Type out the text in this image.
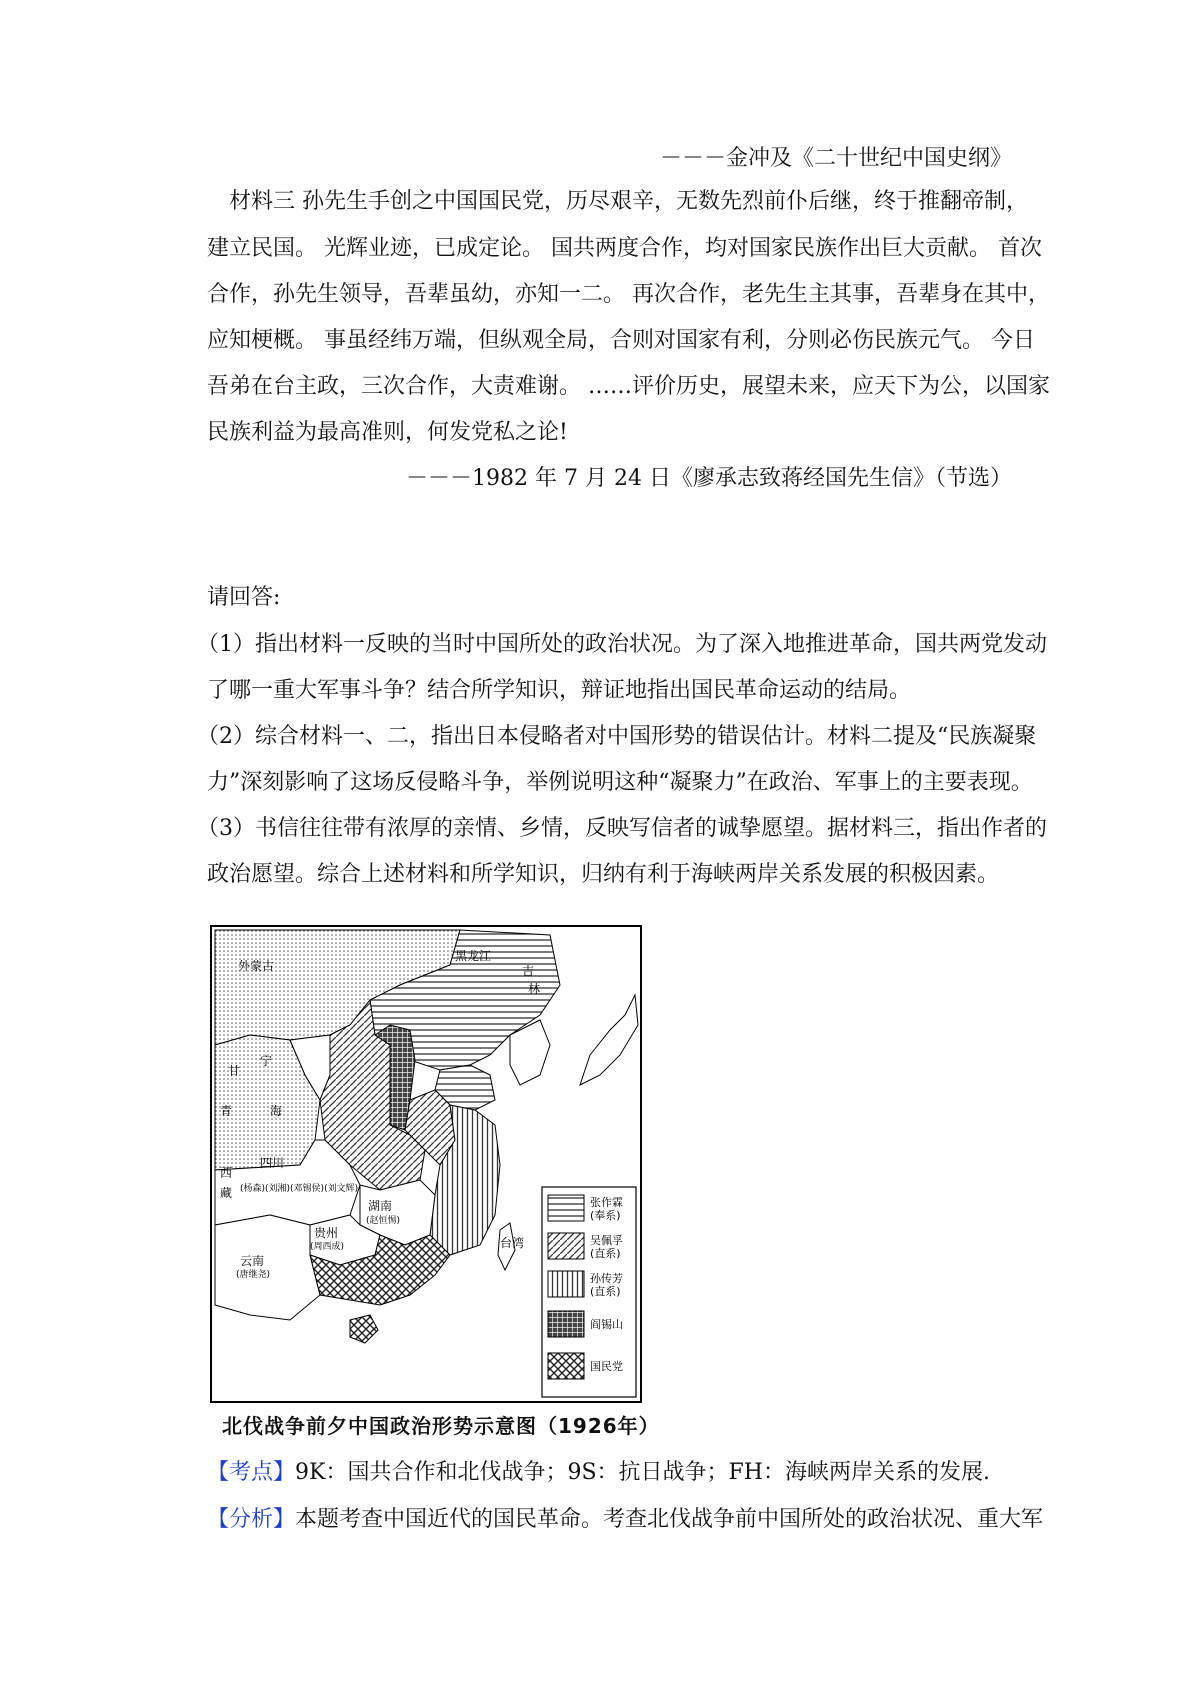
－－－金冲及《二十世纪中国史纲》
材料三 孙先生手创之中国国民党，历尽艰辛，无数先烈前仆后继，终于推翻帝制，
建立民国。 光辉业迹，已成定论。 国共两度合作，均对国家民族作出巨大贡献。 首次
合作，孙先生领导，吾辈虽幼，亦知一二。 再次合作，老先生主其事，吾辈身在其中，
应知梗概。 事虽经纬万端，但纵观全局，合则对国家有利，分则必伤民族元气。 今日
吾弟在台主政，三次合作，大责难谢。 ……评价历史，展望未来，应天下为公，以国家
民族利益为最高准则，何发党私之论!
－－－1982 年 7 月 24 日《廖承志致蒋经国先生信》（节选）
请回答:
（1）指出材料一反映的当时中国所处的政治状况。为了深入地推进革命，国共两党发动
了哪一重大军事斗争？结合所学知识，辩证地指出国民革命运动的结局。
（2）综合材料一、二，指出日本侵略者对中国形势的错误估计。材料二提及“民族凝聚
力”深刻影响了这场反侵略斗争，举例说明这种“凝聚力”在政治、军事上的主要表现。
（3）书信往往带有浓厚的亲情、乡情，反映写信者的诚挚愿望。据材料三，指出作者的
政治愿望。综合上述材料和所学知识，归纳有利于海峡两岸关系发展的积极因素。
外蒙古
黑龙江
吉
林
宁
甘
青	海
西
藏
四川
(杨森)(刘湘)(邓锡侯)(刘文辉)
湖南
(赵恒惕)
贵州
(周西成)
云南
(唐继尧)
台湾
张作霖
(奉系)
吴佩孚
(直系)
孙传芳
(直系)
阎锡山
国民党
北伐战争前夕中国政治形势示意图（1926年）
【考点】9K：国共合作和北伐战争；9S：抗日战争；FH：海峡两岸关系的发展.
【分析】本题考查中国近代的国民革命。考查北伐战争前中国所处的政治状况、重大军
